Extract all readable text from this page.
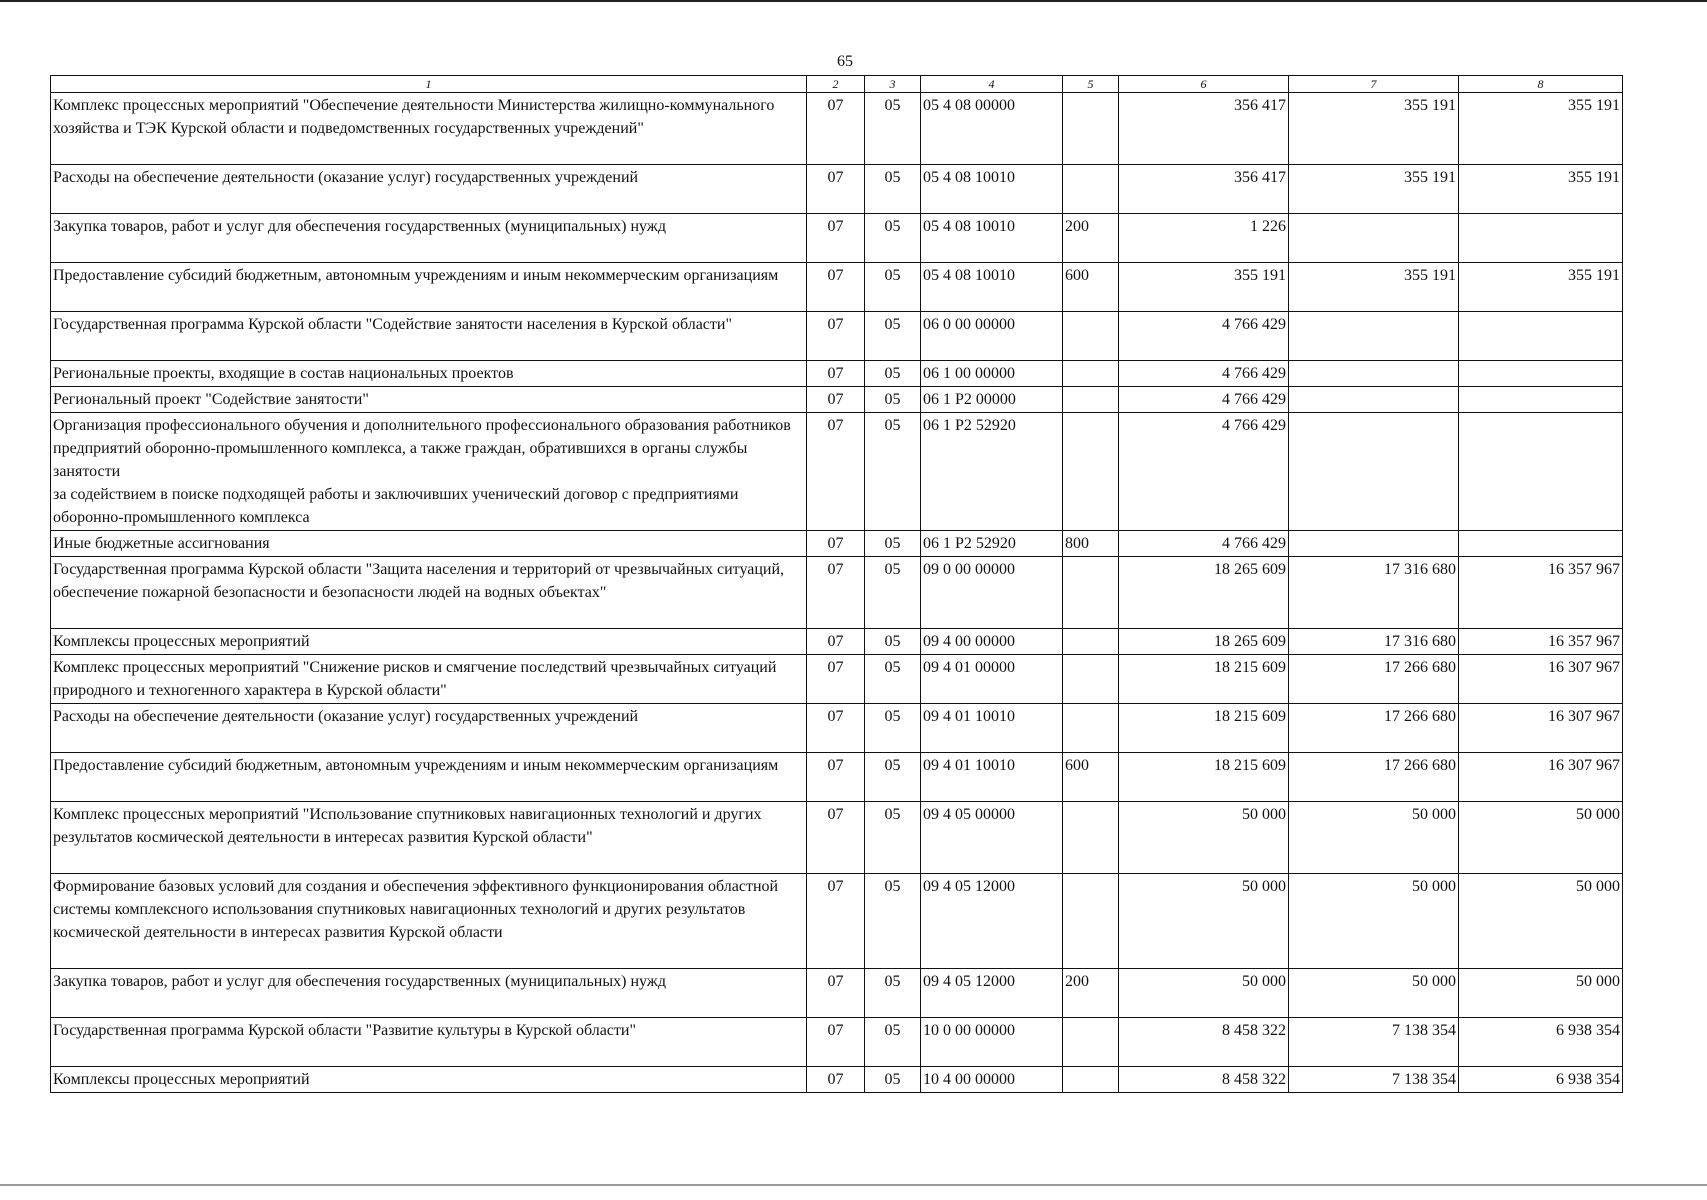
65
1	2	3	4	5	6	7	8
Комплекс процессных мероприятий "Обеспечение деятельности Министерства жилищно-коммунального хозяйства и ТЭК Курской области и подведомственных государственных учреждений"	07	05	05 4 08 00000		356 417	355 191	355 191
Расходы на обеспечение деятельности (оказание услуг) государственных учреждений	07	05	05 4 08 10010		356 417	355 191	355 191
Закупка товаров, работ и услуг для обеспечения государственных (муниципальных) нужд	07	05	05 4 08 10010	200	1 226		
Предоставление субсидий бюджетным, автономным учреждениям и иным некоммерческим организациям	07	05	05 4 08 10010	600	355 191	355 191	355 191
Государственная программа Курской области "Содействие занятости населения в Курской области"	07	05	06 0 00 00000		4 766 429		
Региональные проекты, входящие в состав национальных проектов	07	05	06 1 00 00000		4 766 429		
Региональный проект "Содействие занятости"	07	05	06 1 Р2 00000		4 766 429		
Организация профессионального обучения и дополнительного профессионального образования работников предприятий оборонно-промышленного комплекса, а также граждан, обратившихся в органы службы занятости
за содействием в поиске подходящей работы и заключивших ученический договор с предприятиями оборонно-промышленного комплекса	07	05	06 1 Р2 52920		4 766 429		
Иные бюджетные ассигнования	07	05	06 1 Р2 52920	800	4 766 429		
Государственная программа Курской области "Защита населения и территорий от чрезвычайных ситуаций, обеспечение пожарной безопасности и безопасности людей на водных объектах"	07	05	09 0 00 00000		18 265 609	17 316 680	16 357 967
Комплексы процессных мероприятий	07	05	09 4 00 00000		18 265 609	17 316 680	16 357 967
Комплекс процессных мероприятий "Снижение рисков и смягчение последствий чрезвычайных ситуаций природного и техногенного характера в Курской области"	07	05	09 4 01 00000		18 215 609	17 266 680	16 307 967
Расходы на обеспечение деятельности (оказание услуг) государственных учреждений	07	05	09 4 01 10010		18 215 609	17 266 680	16 307 967
Предоставление субсидий бюджетным, автономным учреждениям и иным некоммерческим организациям	07	05	09 4 01 10010	600	18 215 609	17 266 680	16 307 967
Комплекс процессных мероприятий "Использование спутниковых навигационных технологий и других результатов космической деятельности в интересах развития Курской области"	07	05	09 4 05 00000		50 000	50 000	50 000
Формирование базовых условий для создания и обеспечения эффективного функционирования областной системы комплексного использования спутниковых навигационных технологий и других результатов космической деятельности в интересах развития Курской области	07	05	09 4 05 12000		50 000	50 000	50 000
Закупка товаров, работ и услуг для обеспечения государственных (муниципальных) нужд	07	05	09 4 05 12000	200	50 000	50 000	50 000
Государственная программа Курской области "Развитие культуры в Курской области"	07	05	10 0 00 00000		8 458 322	7 138 354	6 938 354
Комплексы процессных мероприятий	07	05	10 4 00 00000		8 458 322	7 138 354	6 938 354
